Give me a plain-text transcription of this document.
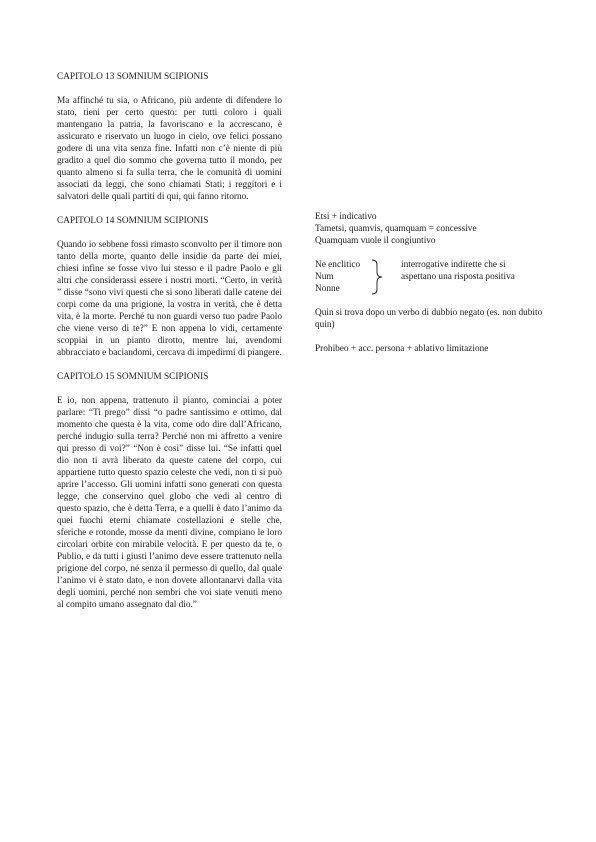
CAPITOLO 13 SOMNIUM SCIPIONIS

Ma affinché tu sia, o Africano, più ardente di difendere lo stato, tieni per certo questo: per tutti coloro i quali mantengano la patria, la favoriscano e la accrescano, è assicurato e riservato un luogo in cielo, ove felici possano godere di una vita senza fine. Infatti non c’è niente di più gradito a quel dio sommo che governa tutto il mondo, per quanto almeno si fa sulla terra, che le comunità di uomini associati da leggi, che sono chiamati Stati; i reggitori e i salvatori delle quali partiti di qui, qui fanno ritorno.

CAPITOLO 14 SOMNIUM SCIPIONIS

Quando io sebbene fossi rimasto sconvolto per il timore non tanto della morte, quanto delle insidie da parte dei miei, chiesi infine se fosse vivo lui stesso e il padre Paolo e gli altri che considerassi essere i nostri morti. “Certo, in verità ” disse “sono vivi questi che si sono liberati dalle catene dei corpi come da una prigione, la vostra in verità, che è detta vita, è la morte. Perché tu non guardi verso tuo padre Paolo che viene verso di te?” E non appena lo vidi, certamente scoppiai in un pianto dirotto, mentre lui, avendomi abbracciato e baciandomi, cercava di impedirmi di piangere.

CAPITOLO 15 SOMNIUM SCIPIONIS

E io, non appena, trattenuto il pianto, cominciai a poter parlare: “Ti prego” dissi “o padre santissimo e ottimo, dal momento che questa è la vita, come odo dire dall’Africano, perché indugio sulla terra? Perché non mi affretto a venire qui presso di voi?” “Non è così” disse lui. “Se infatti quel dio non ti avrà liberato da queste catene del corpo, cui appartiene tutto questo spazio celeste che vedi, non ti si può aprire l’accesso. Gli uomini infatti sono generati con questa legge, che conservino quel globo che vedi al centro di questo spazio, che è detta Terra, e a quelli è dato l’animo da quei fuochi eterni chiamate costellazioni e stelle che, sferiche e rotonde, mosse da menti divine, compiano le loro circolari orbite con mirabile velocità. E per questo da te, o Publio, e da tutti i giusti l’animo deve essere trattenuto nella prigione del corpo, né senza il permesso di quello, dal quale l’animo vi è stato dato, e non dovete allontanarvi dalla vita degli uomini, perché non sembri che voi siate venuti meno al compito umano assegnato dal dio.”

Etsi + indicativo

Tametsi, quamvis, quamquam = concessive

Quamquam vuole il congiuntivo

Ne enclitico
Num
Nonne
interrogative indirette che si
aspettano una risposta positiva

Quin si trova dopo un verbo di dubbio negato (es. non dubito quin)

Prohibeo + acc. persona + ablativo limitazione
